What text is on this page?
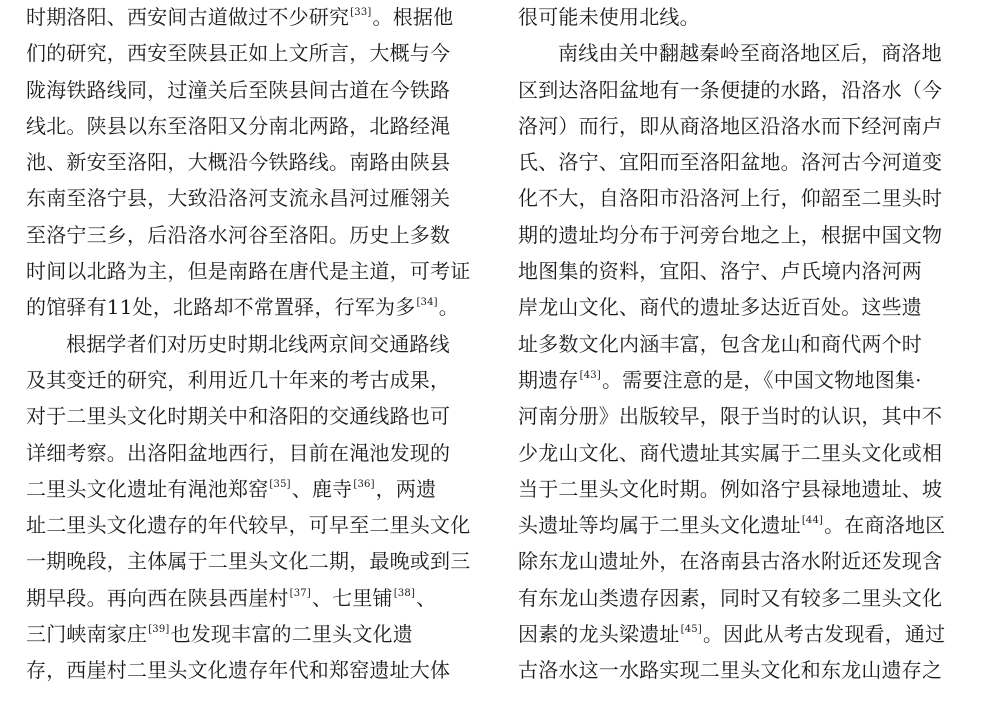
时期洛阳、西安间古道做过不少研究[33]。根据他
们的研究，西安至陕县正如上文所言，大概与今
陇海铁路线同，过潼关后至陕县间古道在今铁路
线北。陕县以东至洛阳又分南北两路，北路经渑
池、新安至洛阳，大概沿今铁路线。南路由陕县
东南至洛宁县，大致沿洛河支流永昌河过雁翎关
至洛宁三乡，后沿洛水河谷至洛阳。历史上多数
时间以北路为主，但是南路在唐代是主道，可考证
的馆驿有11处，北路却不常置驿，行军为多[34]。
根据学者们对历史时期北线两京间交通路线
及其变迁的研究，利用近几十年来的考古成果，
对于二里头文化时期关中和洛阳的交通线路也可
详细考察。出洛阳盆地西行，目前在渑池发现的
二里头文化遗址有渑池郑窑[35]、鹿寺[36]，两遗
址二里头文化遗存的年代较早，可早至二里头文化
一期晚段，主体属于二里头文化二期，最晚或到三
期早段。再向西在陕县西崖村[37]、七里铺[38]、
三门峡南家庄[39]也发现丰富的二里头文化遗
存，西崖村二里头文化遗存年代和郑窑遗址大体
很可能未使用北线。
南线由关中翻越秦岭至商洛地区后，商洛地
区到达洛阳盆地有一条便捷的水路，沿洛水（今
洛河）而行，即从商洛地区沿洛水而下经河南卢
氏、洛宁、宜阳而至洛阳盆地。洛河古今河道变
化不大，自洛阳市沿洛河上行，仰韶至二里头时
期的遗址均分布于河旁台地之上，根据中国文物
地图集的资料，宜阳、洛宁、卢氏境内洛河两
岸龙山文化、商代的遗址多达近百处。这些遗
址多数文化内涵丰富，包含龙山和商代两个时
期遗存[43]。需要注意的是，《中国文物地图集·
河南分册》出版较早，限于当时的认识，其中不
少龙山文化、商代遗址其实属于二里头文化或相
当于二里头文化时期。例如洛宁县禄地遗址、坡
头遗址等均属于二里头文化遗址[44]。在商洛地区
除东龙山遗址外，在洛南县古洛水附近还发现含
有东龙山类遗存因素，同时又有较多二里头文化
因素的龙头梁遗址[45]。因此从考古发现看，通过
古洛水这一水路实现二里头文化和东龙山遗存之
